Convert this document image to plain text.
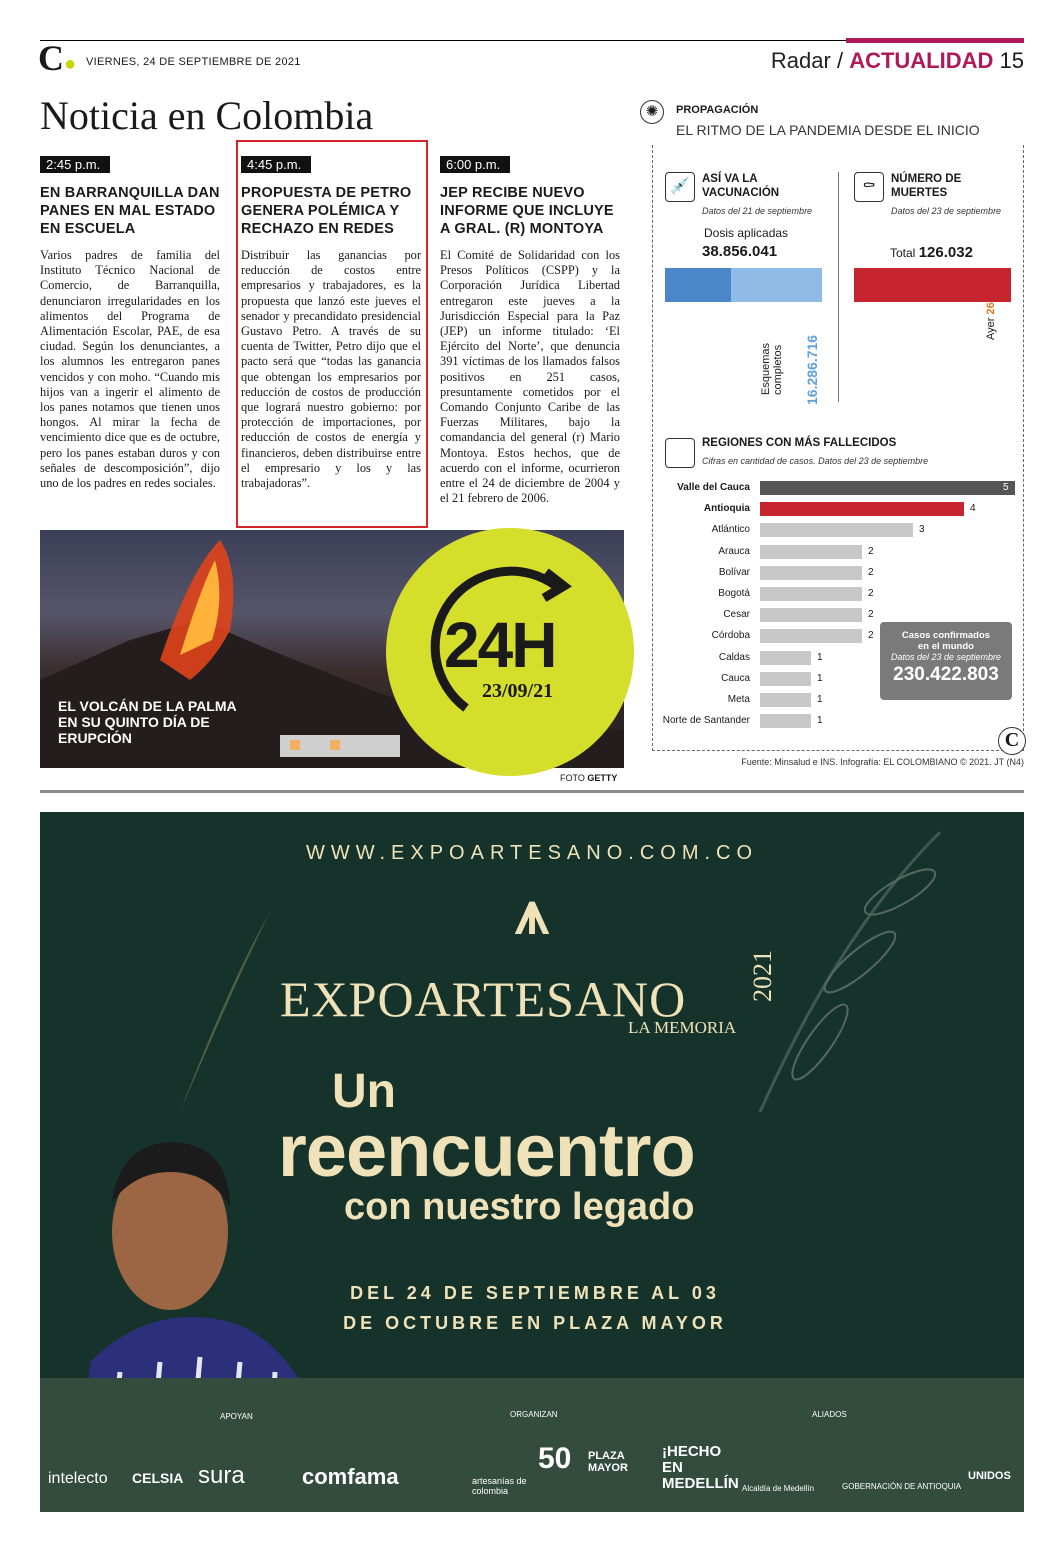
C● VIERNES, 24 DE SEPTIEMBRE DE 2021	Radar / ACTUALIDAD 15
Noticia en Colombia
2:45 p.m.
EN BARRANQUILLA DAN PANES EN MAL ESTADO EN ESCUELA

Varios padres de familia del Instituto Técnico Nacional de Comercio, de Barranquilla, denunciaron irregularidades en los alimentos del Programa de Alimentación Escolar, PAE, de esa ciudad. Según los denunciantes, a los alumnos les entregaron panes vencidos y con moho. “Cuando mis hijos van a ingerir el alimento de los panes notamos que tienen unos hongos. Al mirar la fecha de vencimiento dice que es de octubre, pero los panes estaban duros y con señales de descomposición”, dijo uno de los padres en redes sociales.

4:45 p.m.
PROPUESTA DE PETRO GENERA POLÉMICA Y RECHAZO EN REDES

Distribuir las ganancias por reducción de costos entre empresarios y trabajadores, es la propuesta que lanzó este jueves el senador y precandidato presidencial Gustavo Petro. A través de su cuenta de Twitter, Petro dijo que el pacto será que “todas las ganancia que obtengan los empresarios por reducción de costos de producción que logrará nuestro gobierno: por protección de importaciones, por reducción de costos de energía y financieros, deben distribuirse entre el empresario y los y las trabajadoras”.

6:00 p.m.
JEP RECIBE NUEVO INFORME QUE INCLUYE A GRAL. (R) MONTOYA

El Comité de Solidaridad con los Presos Políticos (CSPP) y la Corporación Jurídica Libertad entregaron este jueves a la Jurisdicción Especial para la Paz (JEP) un informe titulado: ‘El Ejército del Norte’, que denuncia 391 víctimas de los llamados falsos positivos en 251 casos, presuntamente cometidos por el Comando Conjunto Caribe de las Fuerzas Militares, bajo la comandancia del general (r) Mario Montoya. Estos hechos, que de acuerdo con el informe, ocurrieron entre el 24 de diciembre de 2004 y el 21 febrero de 2006.

24H
23/09/21
EL VOLCÁN DE LA PALMA EN SU QUINTO DÍA DE ERUPCIÓN
FOTO GETTY
✺	PROPAGACIÓN
EL RITMO DE LA PANDEMIA DESDE EL INICIO
💉	ASÍ VA LA VACUNACIÓN
Datos del 21 de septiembre
Dosis aplicadas
38.856.041
Esquemas completos 16.286.716
⚰	NÚMERO DE MUERTES
Datos del 23 de septiembre
Total 126.032
Ayer 26
REGIONES CON MÁS FALLECIDOS
Cifras en cantidad de casos. Datos del 23 de septiembre
Valle del Cauca	5
Antioquia	4
Atlántico	3
Arauca	2
Bolívar	2
Bogotá	2
Cesar	2
Córdoba	2
Caldas	1
Cauca	1
Meta	1
Norte de Santander	1
Casos confirmados en el mundo
Datos del 23 de septiembre
230.422.803
C
Fuente: Minsalud e INS. Infografía: EL COLOMBIANO © 2021. JT (N4)
WWW.EXPOARTESANO.COM.CO
⩚
EXPOARTESANO
LA MEMORIA
2021
Un
reencuentro
con nuestro legado
DEL 24 DE SEPTIEMBRE AL 03 DE OCTUBRE EN PLAZA MAYOR
APOYAN	ORGANIZAN	ALIADOS
intelecto CELSIA sura	comfama	artesanías de colombia
50 PLAZA MAYOR
¡HECHO EN MEDELLÍN Alcaldía de Medellín	GOBERNACIÓN DE ANTIOQUIA
UNIDOS
